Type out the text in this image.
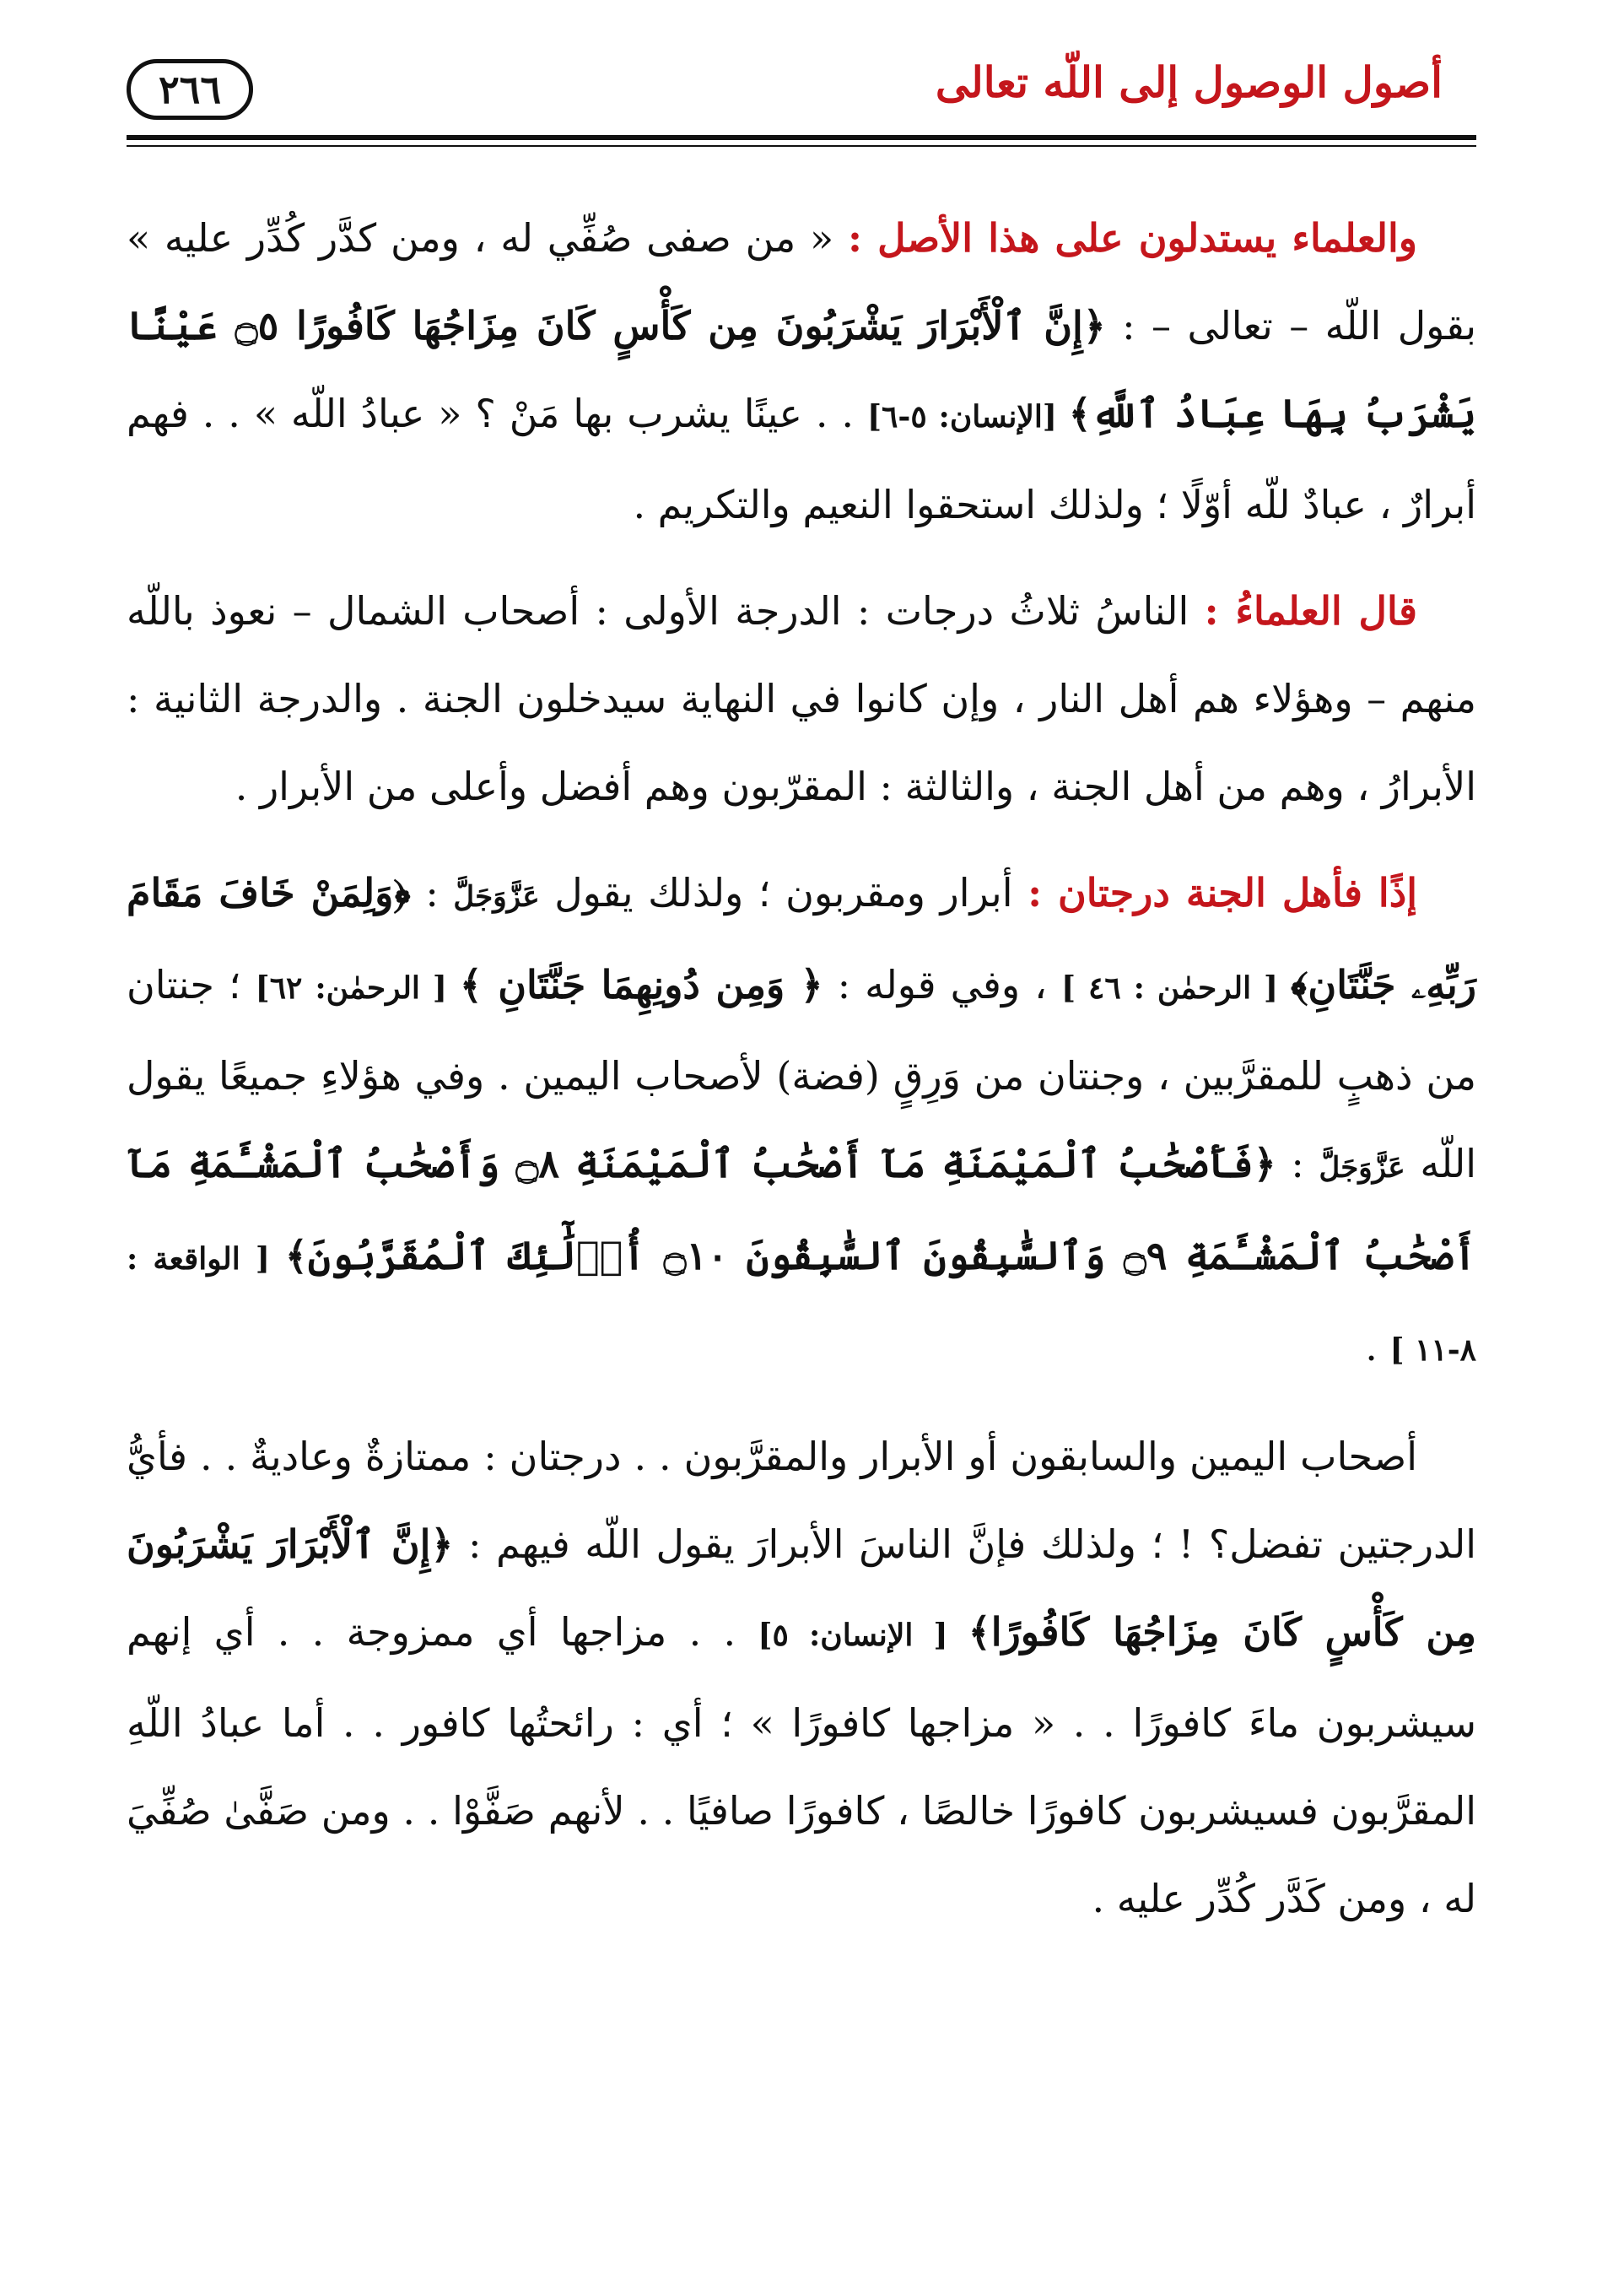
أصول الوصول إلى اللّه تعالى
٢٦٦

والعلماء يستدلون على هذا الأصل : « من صفى صُفِّي له ، ومن كدَّر كُدِّر عليه » بقول اللّه – تعالى – : ﴿إِنَّ ٱلْأَبْرَارَ يَشْرَبُونَ مِن كَأْسٍ كَانَ مِزَاجُهَا كَافُورًا ۝٥ عَيْنًا يَشْرَبُ بِهَا عِبَادُ ٱللَّهِ﴾ [الإنسان: ٥-٦] . . عينًا يشرب بها مَنْ ؟ « عبادُ اللّه » . . فهم أبرارٌ ، عبادٌ للّه أوّلًا ؛ ولذلك استحقوا النعيم والتكريم .

قال العلماءُ : الناسُ ثلاثُ درجات : الدرجة الأولى : أصحاب الشمال – نعوذ باللّه منهم – وهؤلاء هم أهل النار ، وإن كانوا في النهاية سيدخلون الجنة . والدرجة الثانية : الأبرارُ ، وهم من أهل الجنة ، والثالثة : المقرّبون وهم أفضل وأعلى من الأبرار .

إذًا فأهل الجنة درجتان : أبرار ومقربون ؛ ولذلك يقول عَزَّوَجَلَّ : ﴿وَلِمَنْ خَافَ مَقَامَ رَبِّهِۦ جَنَّتَانِ﴾ [ الرحمٰن : ٤٦ ] ، وفي قوله : ﴿ وَمِن دُونِهِمَا جَنَّتَانِ ﴾ [ الرحمٰن: ٦٢] ؛ جنتان من ذهبٍ للمقرَّبين ، وجنتان من وَرِقٍ (فضة) لأصحاب اليمين . وفي هؤلاءِ جميعًا يقول اللّه عَزَّوَجَلَّ : ﴿فَأَصْحَٰبُ ٱلْمَيْمَنَةِ مَآ أَصْحَٰبُ ٱلْمَيْمَنَةِ ۝٨ وَأَصْحَٰبُ ٱلْمَشْـَٔمَةِ مَآ أَصْحَٰبُ ٱلْمَشْـَٔمَةِ ۝٩ وَٱلسَّٰبِقُونَ ٱلسَّٰبِقُونَ ۝١٠ أُو۟لَٰٓئِكَ ٱلْمُقَرَّبُونَ﴾ [ الواقعة : ٨-١١ ] .

أصحاب اليمين والسابقون أو الأبرار والمقرَّبون . . درجتان : ممتازةٌ وعاديةٌ . . فأيُّ الدرجتين تفضل؟ ! ؛ ولذلك فإنَّ الناسَ الأبرارَ يقول اللّه فيهم : ﴿إِنَّ ٱلْأَبْرَارَ يَشْرَبُونَ مِن كَأْسٍ كَانَ مِزَاجُهَا كَافُورًا﴾ [ الإنسان: ٥] . . مزاجها أي ممزوجة . . أي إنهم سيشربون ماءَ كافورًا . . « مزاجها كافورًا » ؛ أي : رائحتُها كافور . . أما عبادُ اللّهِ المقرَّبون فسيشربون كافورًا خالصًا ، كافورًا صافيًا . . لأنهم صَفَّوْا . . ومن صَفَّىٰ صُفِّيَ له ، ومن كَدَّر كُدِّر عليه .
